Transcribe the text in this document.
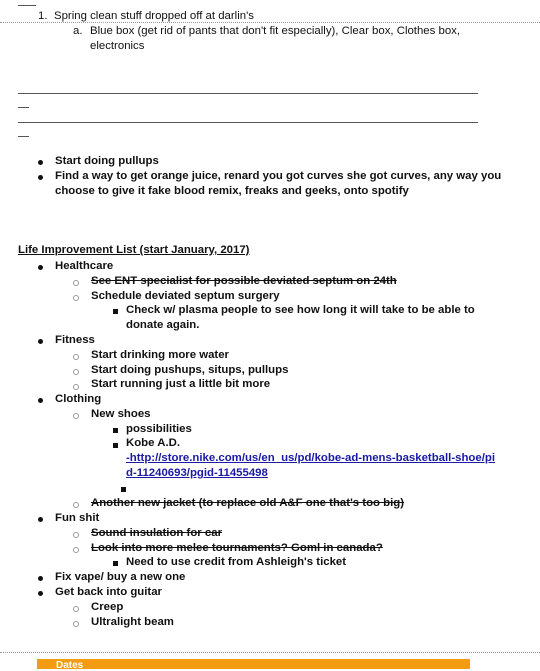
1. Spring clean stuff dropped off at darlin's
a. Blue box (get rid of pants that don't fit especially), Clear box, Clothes box,
electronics
Start doing pullups
Find a way to get orange juice, renard you got curves she got curves, any way you
choose to give it fake blood remix, freaks and geeks, onto spotify
Life Improvement List (start January, 2017)
Healthcare
See ENT specialist for possible deviated septum on 24th
Schedule deviated septum surgery
Check w/ plasma people to see how long it will take to be able to
donate again.
Fitness
Start drinking more water
Start doing pushups, situps, pullups
Start running just a little bit more
Clothing
New shoes
possibilities
Kobe A.D.
-http://store.nike.com/us/en_us/pd/kobe-ad-mens-basketball-shoe/pi
d-11240693/pgid-11455498
Another new jacket (to replace old A&F one that's too big)
Fun shit
Sound insulation for car
Look into more melee tournaments? Goml in canada?
Need to use credit from Ashleigh's ticket
Fix vape/ buy a new one
Get back into guitar
Creep
Ultralight beam
Dates
